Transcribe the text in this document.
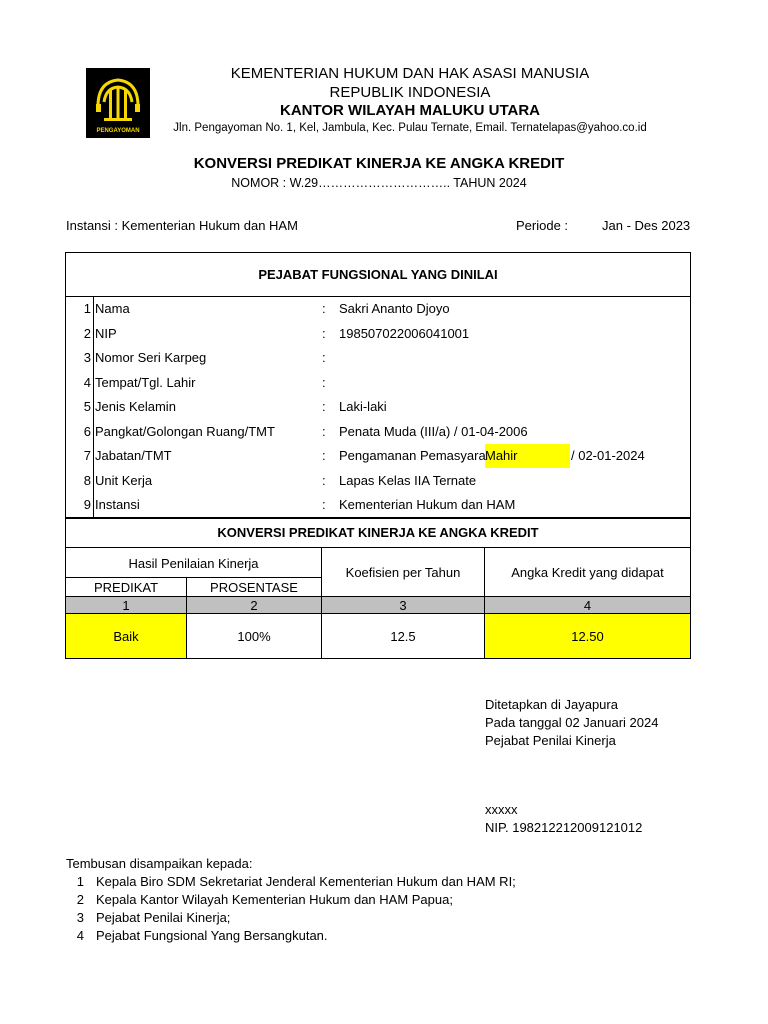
PENGAYOMAN
KEMENTERIAN HUKUM DAN HAK ASASI MANUSIA
REPUBLIK INDONESIA
KANTOR WILAYAH MALUKU UTARA
Jln. Pengayoman No. 1, Kel, Jambula, Kec. Pulau Ternate, Email. Ternatelapas@yahoo.co.id
KONVERSI PREDIKAT KINERJA KE ANGKA KREDIT
NOMOR : W.29………………………….. TAHUN 2024
Instansi : Kementerian Hukum dan HAM	Periode :	Jan - Des 2023
PEJABAT FUNGSIONAL YANG DINILAI
1 Nama	: Sakri Ananto Djoyo
2 NIP	: 198507022006041001
3 Nomor Seri Karpeg	:
4 Tempat/Tgl. Lahir	:
5 Jenis Kelamin	: Laki-laki
6 Pangkat/Golongan Ruang/TMT	: Penata Muda (III/a) / 01-04-2006
7 Jabatan/TMT	: Pengamanan Pemasyara Mahir	/ 02-01-2024
8 Unit Kerja	: Lapas Kelas IIA Ternate
9 Instansi	: Kementerian Hukum dan HAM
KONVERSI PREDIKAT KINERJA KE ANGKA KREDIT
Hasil Penilaian Kinerja
PREDIKAT	PROSENTASE
Koefisien per Tahun	Angka Kredit yang didapat
1	2	3	4
Baik	100%	12.5	12.50
Ditetapkan di Jayapura
Pada tanggal 02 Januari 2024
Pejabat Penilai Kinerja
xxxxx
NIP. 198212212009121012
Tembusan disampaikan kepada:
1 Kepala Biro SDM Sekretariat Jenderal Kementerian Hukum dan HAM RI;
2 Kepala Kantor Wilayah Kementerian Hukum dan HAM Papua;
3 Pejabat Penilai Kinerja;
4 Pejabat Fungsional Yang Bersangkutan.
